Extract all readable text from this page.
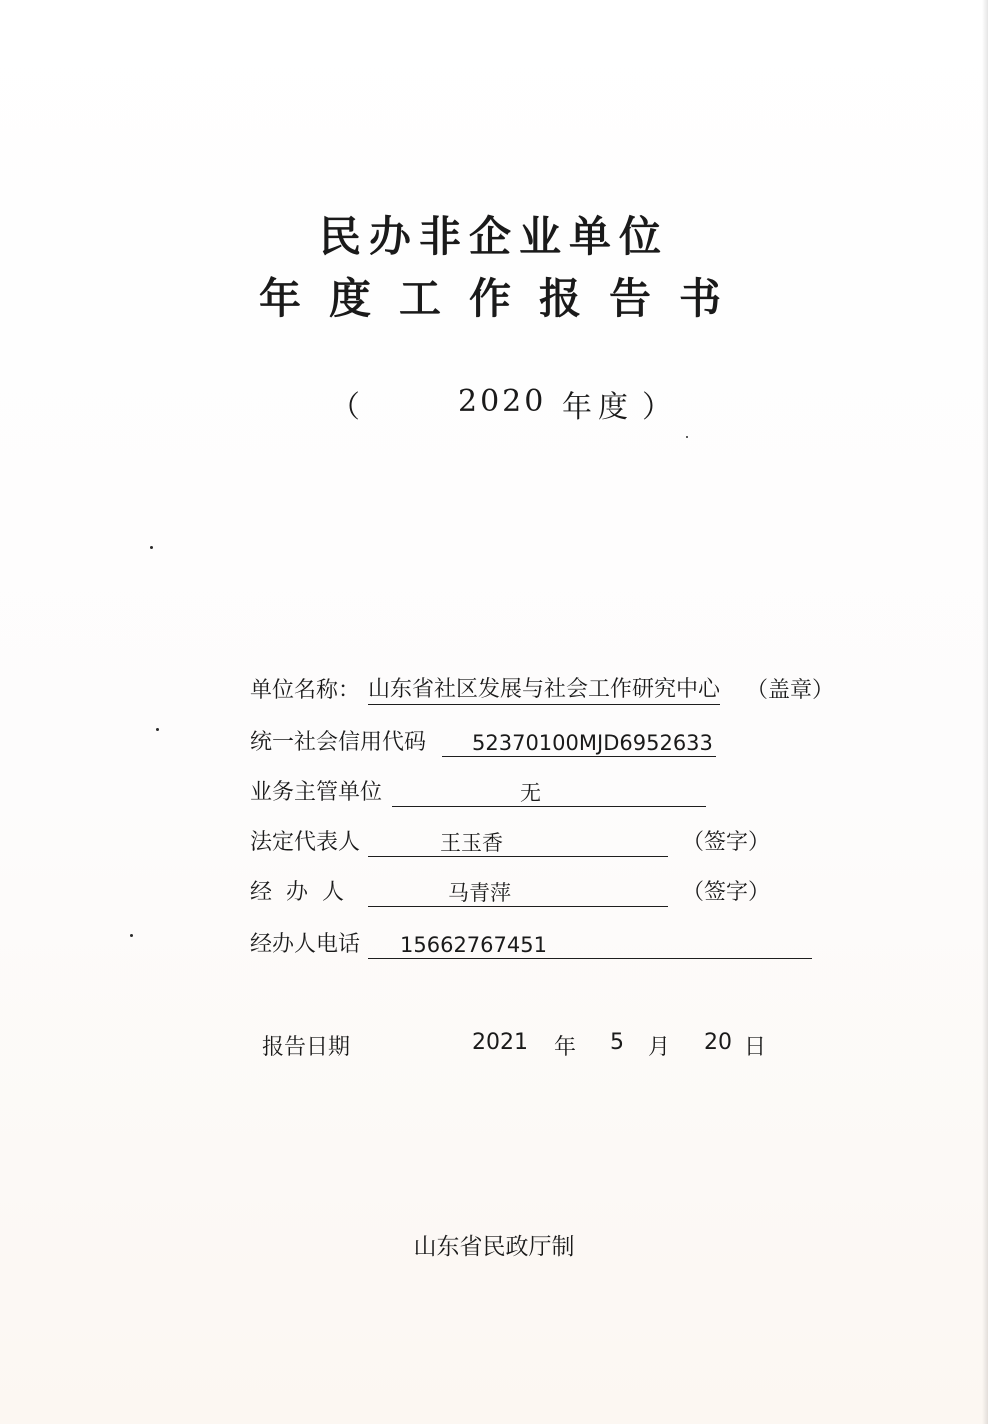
民办非企业单位
年度工作报告书
（	2020 年度 ）
单位名称： 山东省社区发展与社会工作研究中心 （盖章）
统一社会信用代码 52370100MJD6952633
业务主管单位	无
法定代表人	王玉香	（签字）
经办人	马青萍	（签字）
经办人电话 15662767451
报告日期	2021 年 5 月 20 日
山东省民政厅制
